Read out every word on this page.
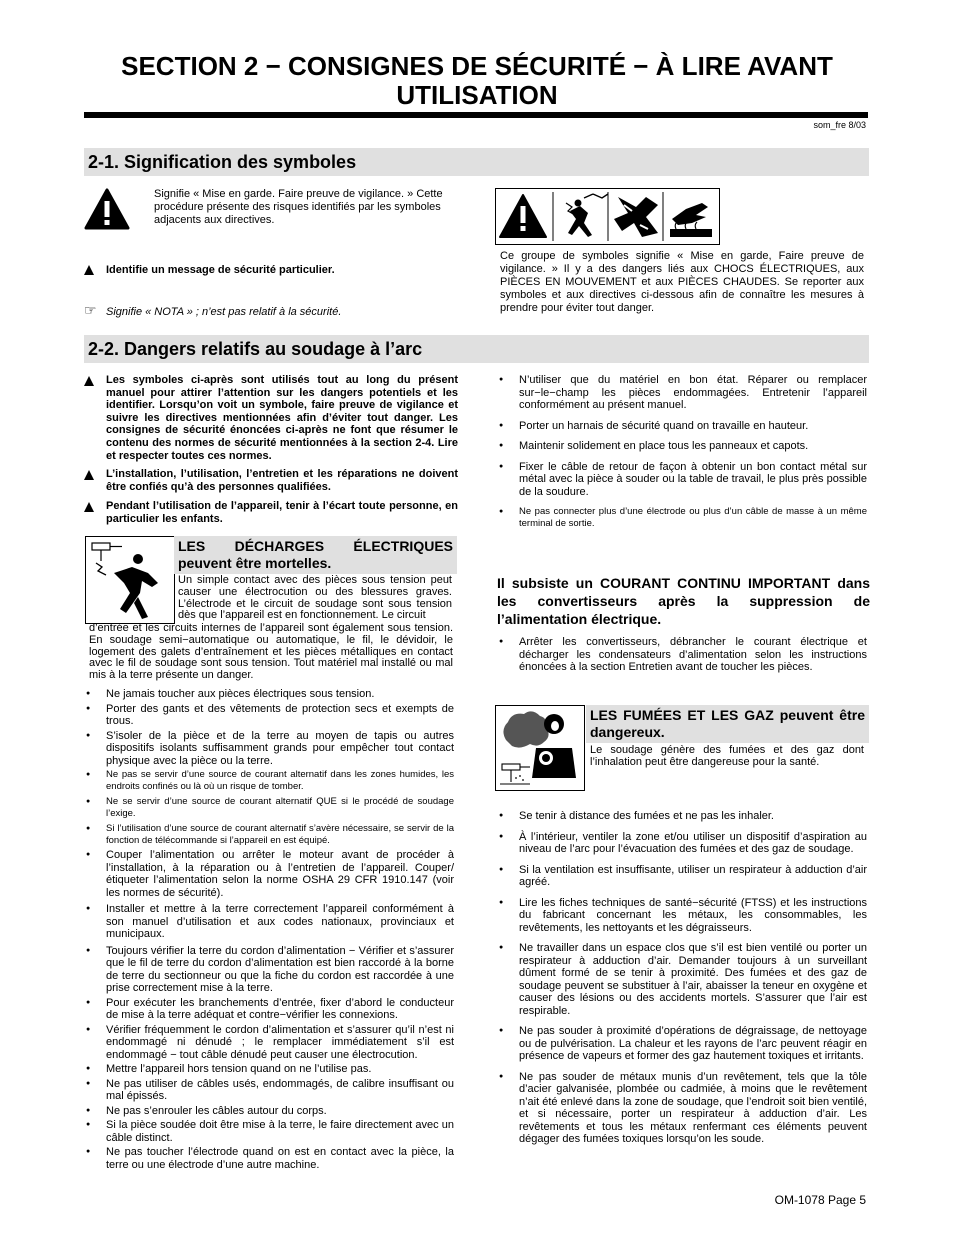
SECTION 2 − CONSIGNES DE SÉCURITÉ − À LIRE AVANT UTILISATION
som_fre 8/03
2-1. Signification des symboles
Signifie « Mise en garde. Faire preuve de vigilance. » Cette procédure présente des risques identifiés par les symboles adjacents aux directives.
Identifie un message de sécurité particulier.
☞ Signifie « NOTA » ; n’est pas relatif à la sécurité.
Ce groupe de symboles signifie « Mise en garde, Faire preuve de vigilance. » Il y a des dangers liés aux CHOCS ÉLECTRIQUES, aux PIÈCES EN MOUVEMENT et aux PIÈCES CHAUDES. Se reporter aux symboles et aux directives ci-dessous afin de connaître les mesures à prendre pour éviter tout danger.
2-2. Dangers relatifs au soudage à l’arc
Les symboles ci-après sont utilisés tout au long du présent manuel pour attirer l’attention sur les dangers potentiels et les identifier. Lorsqu’on voit un symbole, faire preuve de vigilance et suivre les directives mentionnées afin d’éviter tout danger. Les consignes de sécurité énoncées ci-après ne font que résumer le contenu des normes de sécurité mentionnées à la section 2-4. Lire et respecter toutes ces normes.
L’installation, l’utilisation, l’entretien et les réparations ne doivent être confiés qu’à des personnes qualifiées.
Pendant l’utilisation de l’appareil, tenir à l’écart toute personne, en particulier les enfants.
LES DÉCHARGES ÉLECTRIQUES peuvent être mortelles.
Un simple contact avec des pièces sous tension peut causer une électrocution ou des blessures graves. L’électrode et le circuit de soudage sont sous tension dès que l’appareil est en fonctionnement. Le circuit
d’entrée et les circuits internes de l’appareil sont également sous tension. En soudage semi−automatique ou automatique, le fil, le dévidoir, le logement des galets d’entraînement et les pièces métalliques en contact avec le fil de soudage sont sous tension. Tout matériel mal installé ou mal mis à la terre présente un danger.
● Ne jamais toucher aux pièces électriques sous tension.
● Porter des gants et des vêtements de protection secs et exempts de trous.
● S’isoler de la pièce et de la terre au moyen de tapis ou autres dispositifs isolants suffisamment grands pour empêcher tout contact physique avec la pièce ou la terre.
● Ne pas se servir d’une source de courant alternatif dans les zones humides, les endroits confinés ou là où un risque de tomber.
● Ne se servir d’une source de courant alternatif QUE si le procédé de soudage l’exige.
● Si l’utilisation d’une source de courant alternatif s’avère nécessaire, se servir de la fonction de télécommande si l’appareil en est équipé.
● Couper l’alimentation ou arrêter le moteur avant de procéder à l’installation, à la réparation ou à l’entretien de l’appareil. Couper/étiqueter l’alimentation selon la norme OSHA 29 CFR 1910.147 (voir les normes de sécurité).
● Installer et mettre à la terre correctement l’appareil conformément à son manuel d’utilisation et aux codes nationaux, provinciaux et municipaux.
● Toujours vérifier la terre du cordon d’alimentation − Vérifier et s’assurer que le fil de terre du cordon d’alimentation est bien raccordé à la borne de terre du sectionneur ou que la fiche du cordon est raccordée à une prise correctement mise à la terre.
● Pour exécuter les branchements d’entrée, fixer d’abord le conducteur de mise à la terre adéquat et contre−vérifier les connexions.
● Vérifier fréquemment le cordon d’alimentation et s’assurer qu’il n’est ni endommagé ni dénudé ; le remplacer immédiatement s’il est endommagé − tout câble dénudé peut causer une électrocution.
● Mettre l’appareil hors tension quand on ne l’utilise pas.
● Ne pas utiliser de câbles usés, endommagés, de calibre insuffisant ou mal épissés.
● Ne pas s’enrouler les câbles autour du corps.
● Si la pièce soudée doit être mise à la terre, le faire directement avec un câble distinct.
● Ne pas toucher l’électrode quand on est en contact avec la pièce, la terre ou une électrode d’une autre machine.
● N’utiliser que du matériel en bon état. Réparer ou remplacer sur−le−champ les pièces endommagées. Entretenir l’appareil conformément au présent manuel.
● Porter un harnais de sécurité quand on travaille en hauteur.
● Maintenir solidement en place tous les panneaux et capots.
● Fixer le câble de retour de façon à obtenir un bon contact métal sur métal avec la pièce à souder ou la table de travail, le plus près possible de la soudure.
● Ne pas connecter plus d’une électrode ou plus d’un câble de masse à un même terminal de sortie.
Il subsiste un COURANT CONTINU IMPORTANT dans les convertisseurs après la suppression de l’alimentation électrique.
● Arrêter les convertisseurs, débrancher le courant électrique et décharger les condensateurs d’alimentation selon les instructions énoncées à la section Entretien avant de toucher les pièces.
LES FUMÉES ET LES GAZ peuvent être dangereux.
Le soudage génère des fumées et des gaz dont l’inhalation peut être dangereuse pour la santé.
● Se tenir à distance des fumées et ne pas les inhaler.
● À l’intérieur, ventiler la zone et/ou utiliser un dispositif d’aspiration au niveau de l’arc pour l’évacuation des fumées et des gaz de soudage.
● Si la ventilation est insuffisante, utiliser un respirateur à adduction d’air agréé.
● Lire les fiches techniques de santé−sécurité (FTSS) et les instructions du fabricant concernant les métaux, les consommables, les revêtements, les nettoyants et les dégraisseurs.
● Ne travailler dans un espace clos que s’il est bien ventilé ou porter un respirateur à adduction d’air. Demander toujours à un surveillant dûment formé de se tenir à proximité. Des fumées et des gaz de soudage peuvent se substituer à l’air, abaisser la teneur en oxygène et causer des lésions ou des accidents mortels. S’assurer que l’air est respirable.
● Ne pas souder à proximité d’opérations de dégraissage, de nettoyage ou de pulvérisation. La chaleur et les rayons de l’arc peuvent réagir en présence de vapeurs et former des gaz hautement toxiques et irritants.
● Ne pas souder de métaux munis d’un revêtement, tels que la tôle d’acier galvanisée, plombée ou cadmiée, à moins que le revêtement n’ait été enlevé dans la zone de soudage, que l’endroit soit bien ventilé, et si nécessaire, porter un respirateur à adduction d’air. Les revêtements et tous les métaux renfermant ces éléments peuvent dégager des fumées toxiques lorsqu’on les soude.
OM-1078 Page 5
